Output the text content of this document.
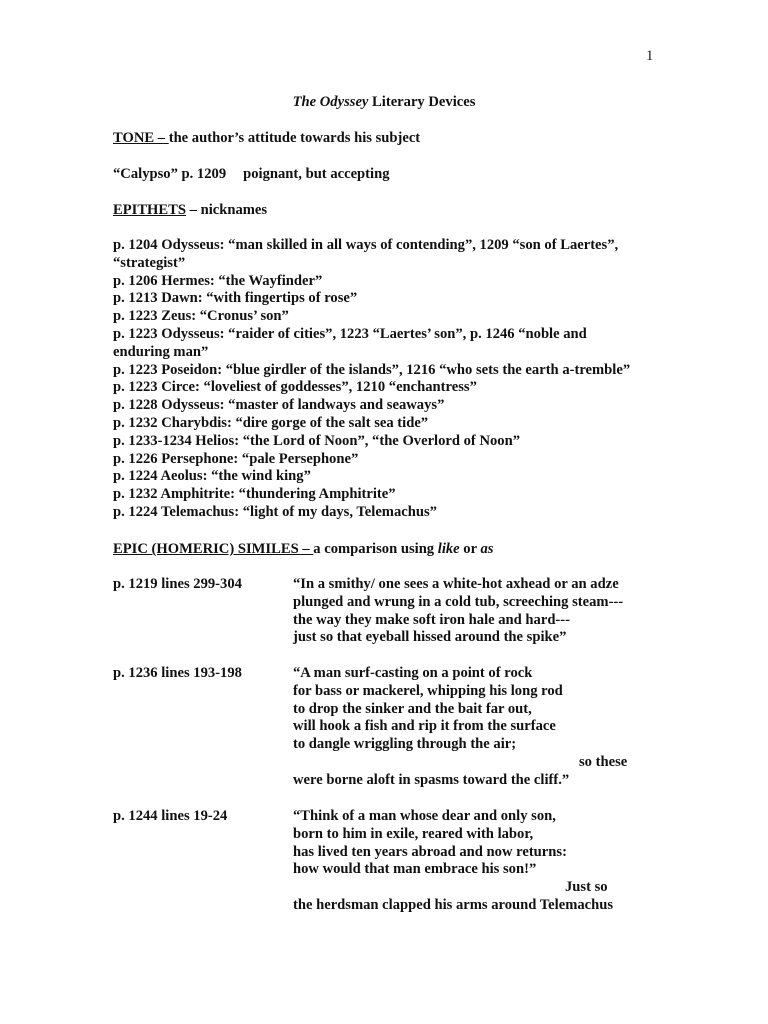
1
The Odyssey Literary Devices
TONE – the author’s attitude towards his subject
“Calypso” p. 1209 poignant, but accepting
EPITHETS – nicknames
p. 1204 Odysseus: “man skilled in all ways of contending”, 1209 “son of Laertes”,
“strategist”
p. 1206 Hermes: “the Wayfinder”
p. 1213 Dawn: “with fingertips of rose”
p. 1223 Zeus: “Cronus’ son”
p. 1223 Odysseus: “raider of cities”, 1223 “Laertes’ son”, p. 1246 “noble and
enduring man”
p. 1223 Poseidon: “blue girdler of the islands”, 1216 “who sets the earth a-tremble”
p. 1223 Circe: “loveliest of goddesses”, 1210 “enchantress”
p. 1228 Odysseus: “master of landways and seaways”
p. 1232 Charybdis: “dire gorge of the salt sea tide”
p. 1233-1234 Helios: “the Lord of Noon”, “the Overlord of Noon”
p. 1226 Persephone: “pale Persephone”
p. 1224 Aeolus: “the wind king”
p. 1232 Amphitrite: “thundering Amphitrite”
p. 1224 Telemachus: “light of my days, Telemachus”
EPIC (HOMERIC) SIMILES – a comparison using like or as
p. 1219 lines 299-304	“In a smithy/ one sees a white-hot axhead or an adze
plunged and wrung in a cold tub, screeching steam---
the way they make soft iron hale and hard---
just so that eyeball hissed around the spike”
p. 1236 lines 193-198	“A man surf-casting on a point of rock
for bass or mackerel, whipping his long rod
to drop the sinker and the bait far out,
will hook a fish and rip it from the surface
to dangle wriggling through the air;
so these
were borne aloft in spasms toward the cliff.”
p. 1244 lines 19-24	“Think of a man whose dear and only son,
born to him in exile, reared with labor,
has lived ten years abroad and now returns:
how would that man embrace his son!”
Just so
the herdsman clapped his arms around Telemachus
